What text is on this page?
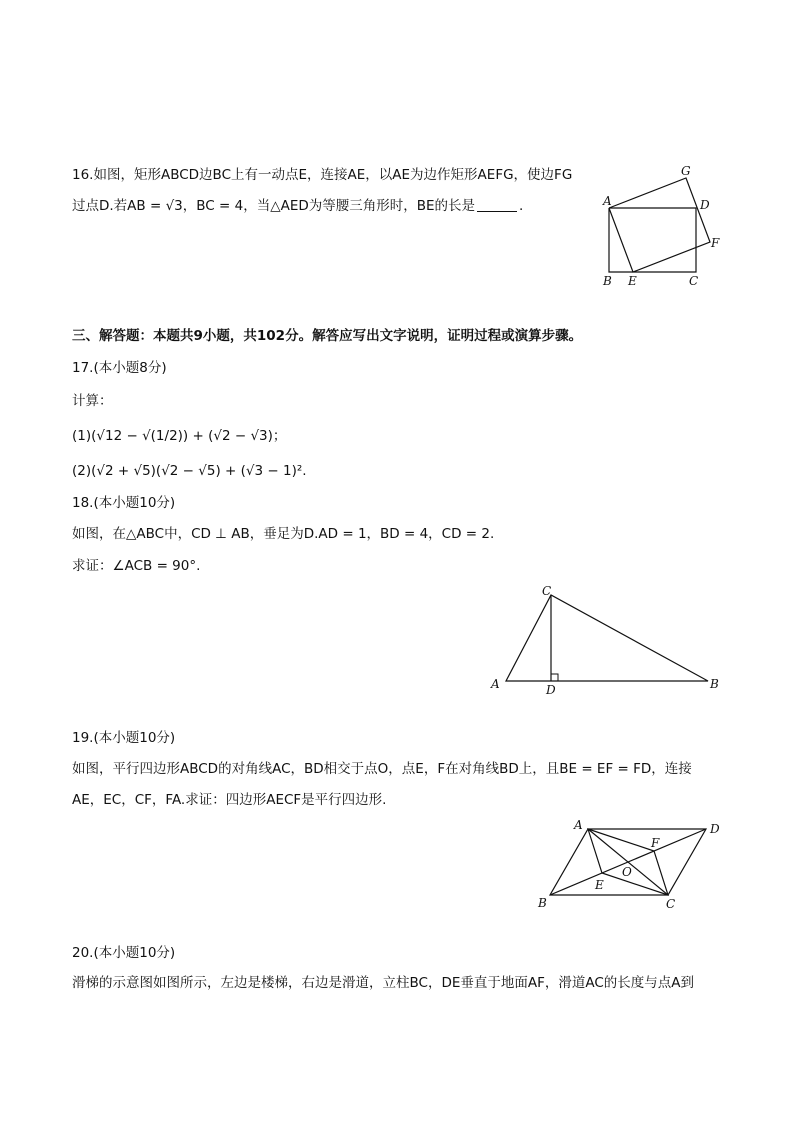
16.如图，矩形ABCD边BC上有一动点E，连接AE，以AE为边作矩形AEFG，使边FG
过点D.若AB = √3，BC = 4，当△AED为等腰三角形时，BE的长是	.	A
B	C
D
E
F
G
三、解答题：本题共9小题，共102分。解答应写出文字说明，证明过程或演算步骤。
17.(本小题8分)
计算：
(1)(√12 − √(1/2)) + (√2 − √3)；
(2)(√2 + √5)(√2 − √5) + (√3 − 1)².
18.(本小题10分)
如图，在△ABC中，CD ⊥ AB，垂足为D.AD = 1，BD = 4，CD = 2.
求证：∠ACB = 90°.
A	B
C
D
19.(本小题10分)
如图，平行四边形ABCD的对角线AC，BD相交于点O，点E，F在对角线BD上，且BE = EF = FD，连接
AE，EC，CF，FA.求证：四边形AECF是平行四边形.
A	D
B	C
O
E
F
20.(本小题10分)
滑梯的示意图如图所示，左边是楼梯，右边是滑道，立柱BC，DE垂直于地面AF，滑道AC的长度与点A到
